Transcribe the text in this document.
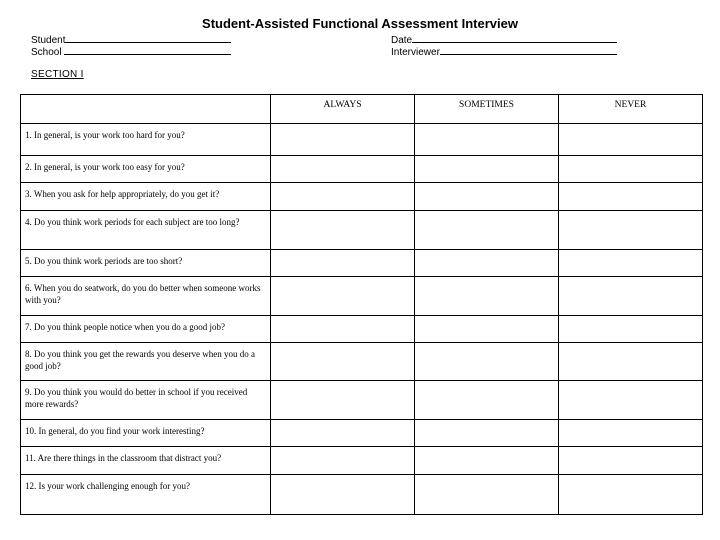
Student-Assisted Functional Assessment Interview
Student
School
Date
Interviewer
SECTION I
	ALWAYS	SOMETIMES	NEVER
1. In general, is your work too hard for you?			
2. In general, is your work too easy for you?			
3. When you ask for help appropriately, do you get it?			
4. Do you think work periods for each subject are too long?			
5. Do you think work periods are too short?			
6. When you do seatwork, do you do better when someone works with you?			
7. Do you think people notice when you do a good job?			
8. Do you think you get the rewards you deserve when you do a good job?			
9. Do you think you would do better in school if you received more rewards?			
10. In general, do you find your work interesting?			
11. Are there things in the classroom that distract you?			
12. Is your work challenging enough for you?			
